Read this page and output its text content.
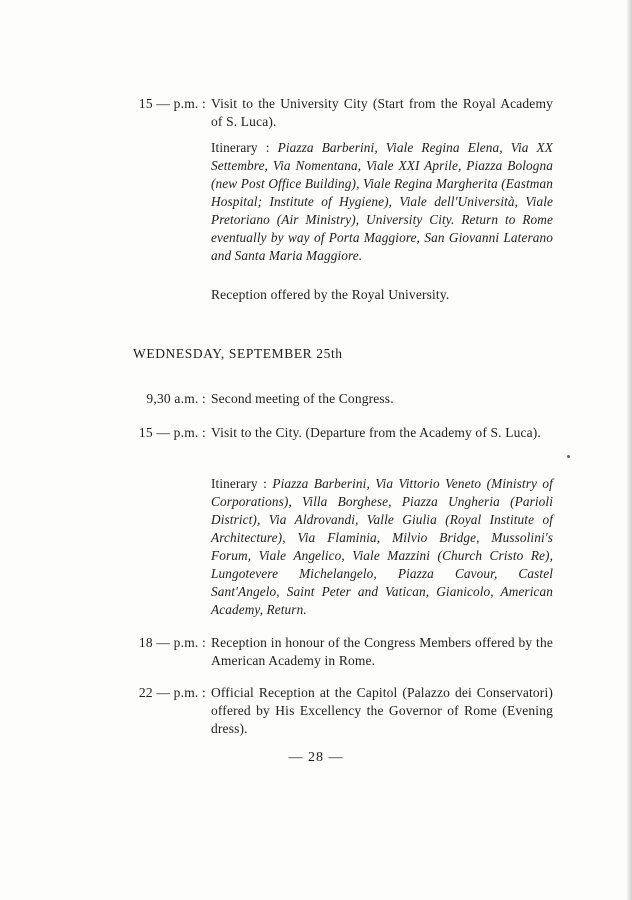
15 — p.m. : Visit to the University City (Start from the Royal Academy of S. Luca).
Itinerary : Piazza Barberini, Viale Regina Elena, Via XX Settembre, Via Nomentana, Viale XXI Aprile, Piazza Bologna (new Post Office Building), Viale Regina Margherita (Eastman Hospital; Institute of Hygiene), Viale dell'Università, Viale Pretoriano (Air Ministry), University City. Return to Rome eventually by way of Porta Maggiore, San Giovanni Laterano and Santa Maria Maggiore.
Reception offered by the Royal University.
WEDNESDAY, SEPTEMBER 25th
9,30 a.m. : Second meeting of the Congress.
15 — p.m. : Visit to the City. (Departure from the Academy of S. Luca).
Itinerary : Piazza Barberini, Via Vittorio Veneto (Ministry of Corporations), Villa Borghese, Piazza Ungheria (Parioli District), Via Aldrovandi, Valle Giulia (Royal Institute of Architecture), Via Flaminia, Milvio Bridge, Mussolini's Forum, Viale Angelico, Viale Mazzini (Church Cristo Re), Lungotevere Michelangelo, Piazza Cavour, Castel Sant'Angelo, Saint Peter and Vatican, Gianicolo, American Academy, Return.
18 — p.m. : Reception in honour of the Congress Members offered by the American Academy in Rome.
22 — p.m. : Official Reception at the Capitol (Palazzo dei Conservatori) offered by His Excellency the Governor of Rome (Evening dress).
— 28 —
